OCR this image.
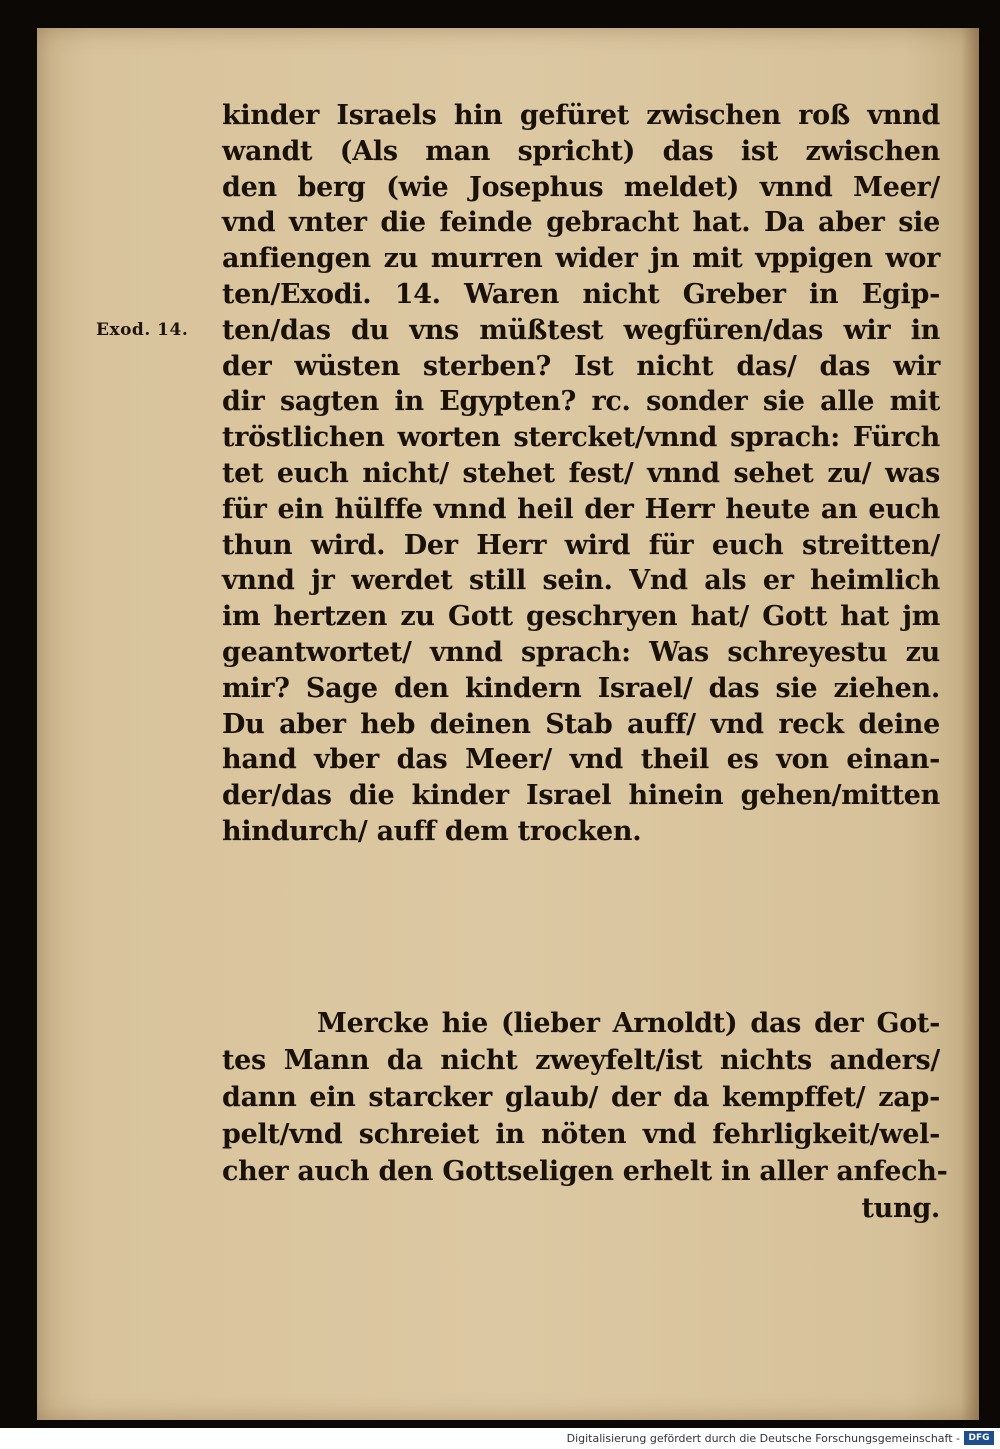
Exod. 14.
kinder Israels hin gefüret zwischen roß vnnd
wandt (Als man spricht) das ist zwischen
den berg (wie Josephus meldet) vnnd Meer/
vnd vnter die feinde gebracht hat. Da aber sie
anfiengen zu murren wider jn mit vppigen wor
ten/Exodi. 14. Waren nicht Greber in Egip-
ten/das du vns müßtest wegfüren/das wir in
der wüsten sterben? Ist nicht das/ das wir
dir sagten in Egypten? rc. sonder sie alle mit
tröstlichen worten stercket/vnnd sprach: Fürch
tet euch nicht/ stehet fest/ vnnd sehet zu/ was
für ein hülffe vnnd heil der Herr heute an euch
thun wird. Der Herr wird für euch streitten/
vnnd jr werdet still sein. Vnd als er heimlich
im hertzen zu Gott geschryen hat/ Gott hat jm
geantwortet/ vnnd sprach: Was schreyestu zu
mir? Sage den kindern Israel/ das sie ziehen.
Du aber heb deinen Stab auff/ vnd reck deine
hand vber das Meer/ vnd theil es von einan-
der/das die kinder Israel hinein gehen/mitten
hindurch/ auff dem trocken.
Mercke hie (lieber Arnoldt) das der Got-
tes Mann da nicht zweyfelt/ist nichts anders/
dann ein starcker glaub/ der da kempffet/ zap-
pelt/vnd schreiet in nöten vnd fehrligkeit/wel-
cher auch den Gottseligen erhelt in aller anfech-
tung.
Digitalisierung gefördert durch die Deutsche Forschungsgemeinschaft - DFG
